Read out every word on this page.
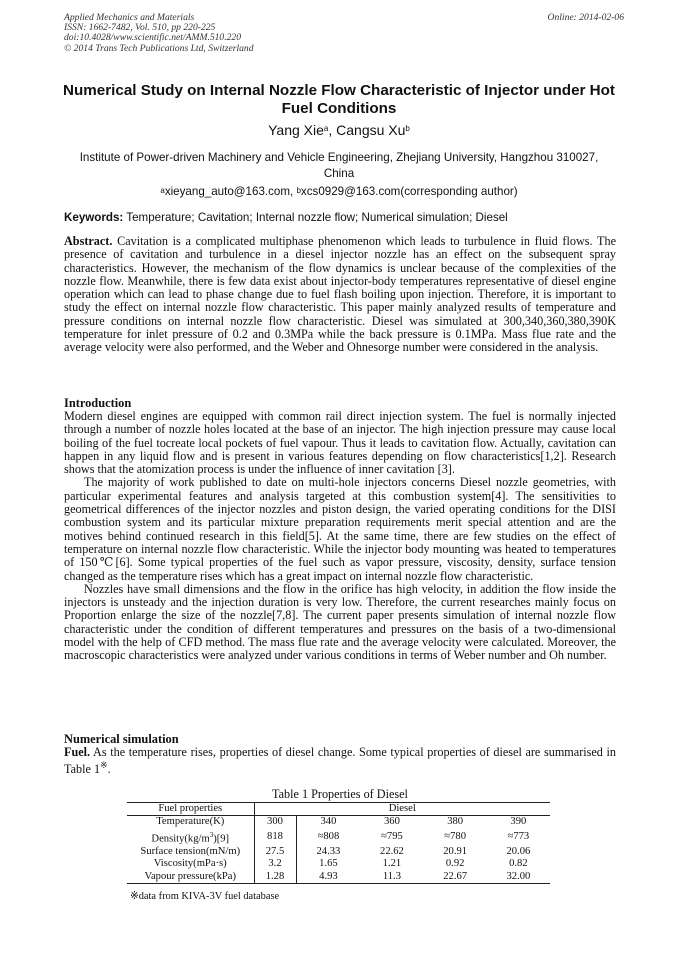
Applied Mechanics and Materials
ISSN: 1662-7482, Vol. 510, pp 220-225
doi:10.4028/www.scientific.net/AMM.510.220
© 2014 Trans Tech Publications Ltd, Switzerland
Online: 2014-02-06
Numerical Study on Internal Nozzle Flow Characteristic of Injector under Hot Fuel Conditions
Yang Xie$^a$, Cangsu Xu$^b$
Institute of Power-driven Machinery and Vehicle Engineering, Zhejiang University, Hangzhou 310027, China
$^a$xieyang_auto@163.com, $^b$xcs0929@163.com(corresponding author)
Keywords: Temperature; Cavitation; Internal nozzle flow; Numerical simulation; Diesel

Abstract. Cavitation is a complicated multiphase phenomenon which leads to turbulence in fluid flows. The presence of cavitation and turbulence in a diesel injector nozzle has an effect on the subsequent spray characteristics. However, the mechanism of the flow dynamics is unclear because of the complexities of the nozzle flow. Meanwhile, there is few data exist about injector-body temperatures representative of diesel engine operation which can lead to phase change due to fuel flash boiling upon injection. Therefore, it is important to study the effect on internal nozzle flow characteristic. This paper mainly analyzed results of temperature and pressure conditions on internal nozzle flow characteristic. Diesel was simulated at 300,340,360,380,390K temperature for inlet pressure of 0.2 and 0.3MPa while the back pressure is 0.1MPa. Mass flue rate and the average velocity were also performed, and the Weber and Ohnesorge number were considered in the analysis.

Introduction

Modern diesel engines are equipped with common rail direct injection system. The fuel is normally injected through a number of nozzle holes located at the base of an injector. The high injection pressure may cause local boiling of the fuel tocreate local pockets of fuel vapour. Thus it leads to cavitation flow. Actually, cavitation can happen in any liquid flow and is present in various features depending on flow characteristics[1,2]. Research shows that the atomization process is under the influence of inner cavitation [3].

The majority of work published to date on multi-hole injectors concerns Diesel nozzle geometries, with particular experimental features and analysis targeted at this combustion system[4]. The sensitivities to geometrical differences of the injector nozzles and piston design, the varied operating conditions for the DISI combustion system and its particular mixture preparation requirements merit special attention and are the motives behind continued research in this field[5]. At the same time, there are few studies on the effect of temperature on internal nozzle flow characteristic. While the injector body mounting was heated to temperatures of 150℃[6]. Some typical properties of the fuel such as vapor pressure, viscosity, density, surface tension changed as the temperature rises which has a great impact on internal nozzle flow characteristic.

Nozzles have small dimensions and the flow in the orifice has high velocity, in addition the flow inside the injectors is unsteady and the injection duration is very low. Therefore, the current researches mainly focus on Proportion enlarge the size of the nozzle[7,8]. The current paper presents simulation of internal nozzle flow characteristic under the condition of different temperatures and pressures on the basis of a two-dimensional model with the help of CFD method. The mass flue rate and the average velocity were calculated. Moreover, the macroscopic characteristics were analyzed under various conditions in terms of Weber number and Oh number.

Numerical simulation

Fuel. As the temperature rises, properties of diesel change. Some typical properties of diesel are summarised in Table 1※.

Table 1 Properties of Diesel
Fuel properties	Diesel				
Temperature(K)	300	340	360	380	390
$Density(kg/m^3)[9]$	818	≈808	≈795	≈780	≈773
Surface tension(mN/m)	27.5	24.33	22.62	20.91	20.06
Viscosity(mPa·s)	3.2	1.65	1.21	0.92	0.82
Vapour pressure(kPa)	1.28	4.93	11.3	22.67	32.00
※data from KIVA-3V fuel database
